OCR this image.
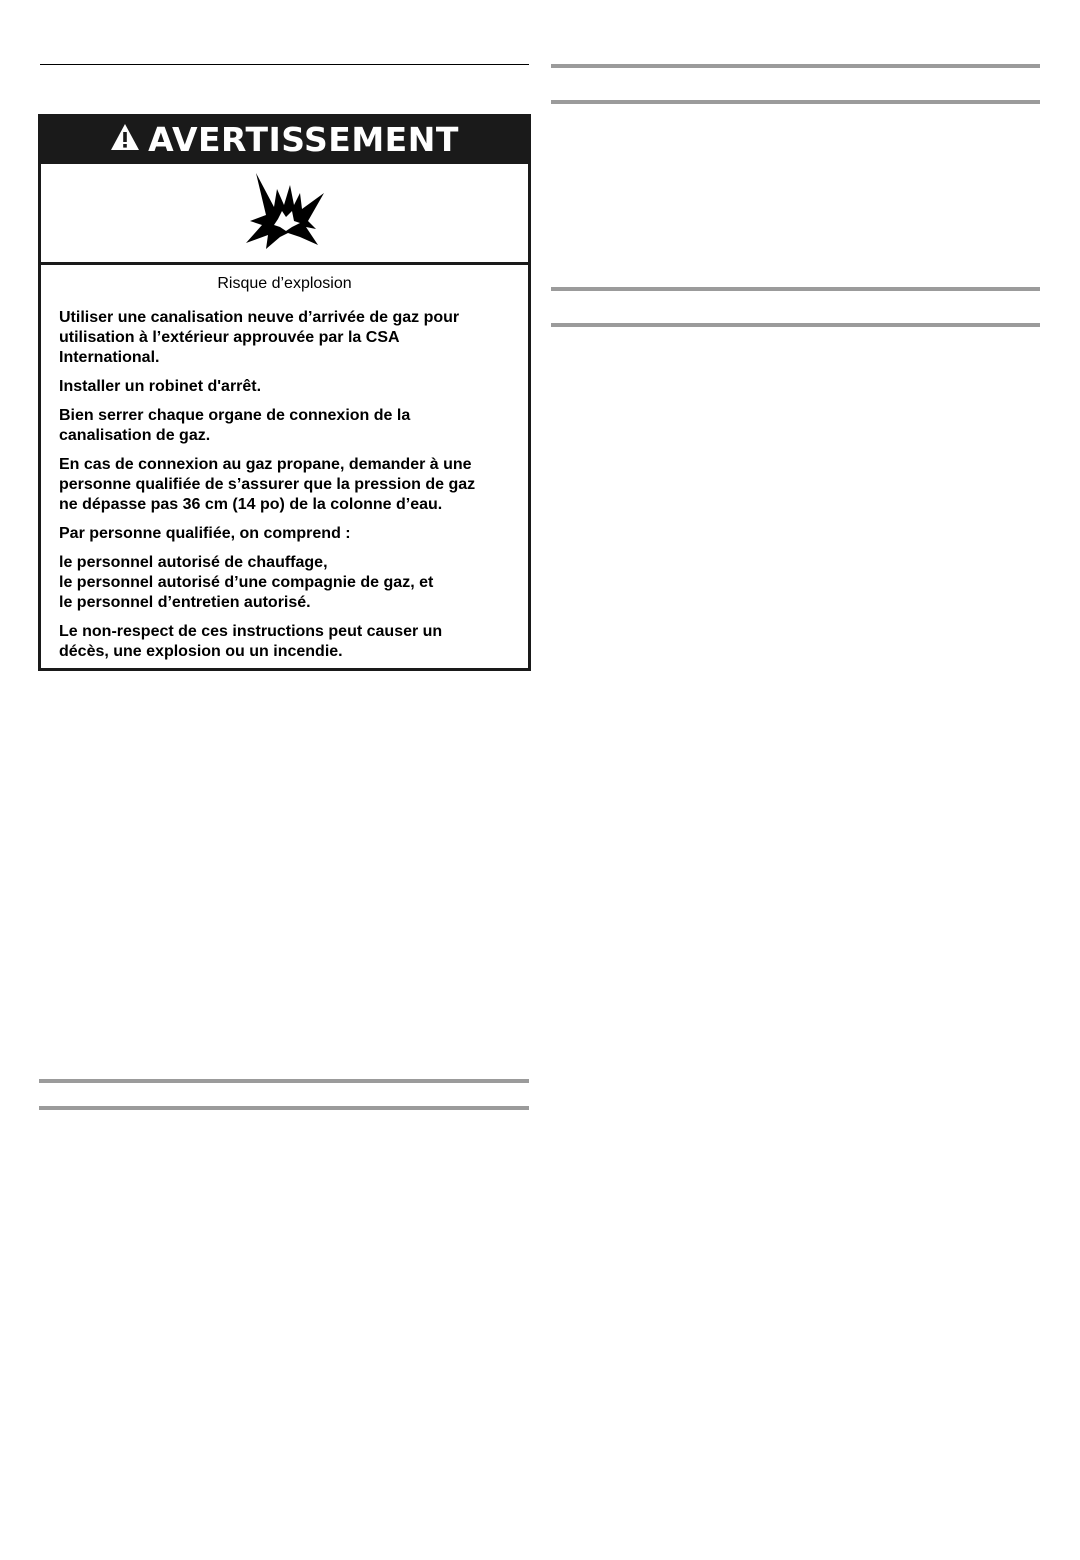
AVERTISSEMENT
Risque d’explosion

Utiliser une canalisation neuve d’arrivée de gaz pour
utilisation à l’extérieur approuvée par la CSA
International.

Installer un robinet d'arrêt.

Bien serrer chaque organe de connexion de la
canalisation de gaz.

En cas de connexion au gaz propane, demander à une
personne qualifiée de s’assurer que la pression de gaz
ne dépasse pas 36 cm (14 po) de la colonne d’eau.

Par personne qualifiée, on comprend :

le personnel autorisé de chauffage,
le personnel autorisé d’une compagnie de gaz, et
le personnel d’entretien autorisé.

Le non-respect de ces instructions peut causer un
décès, une explosion ou un incendie.
